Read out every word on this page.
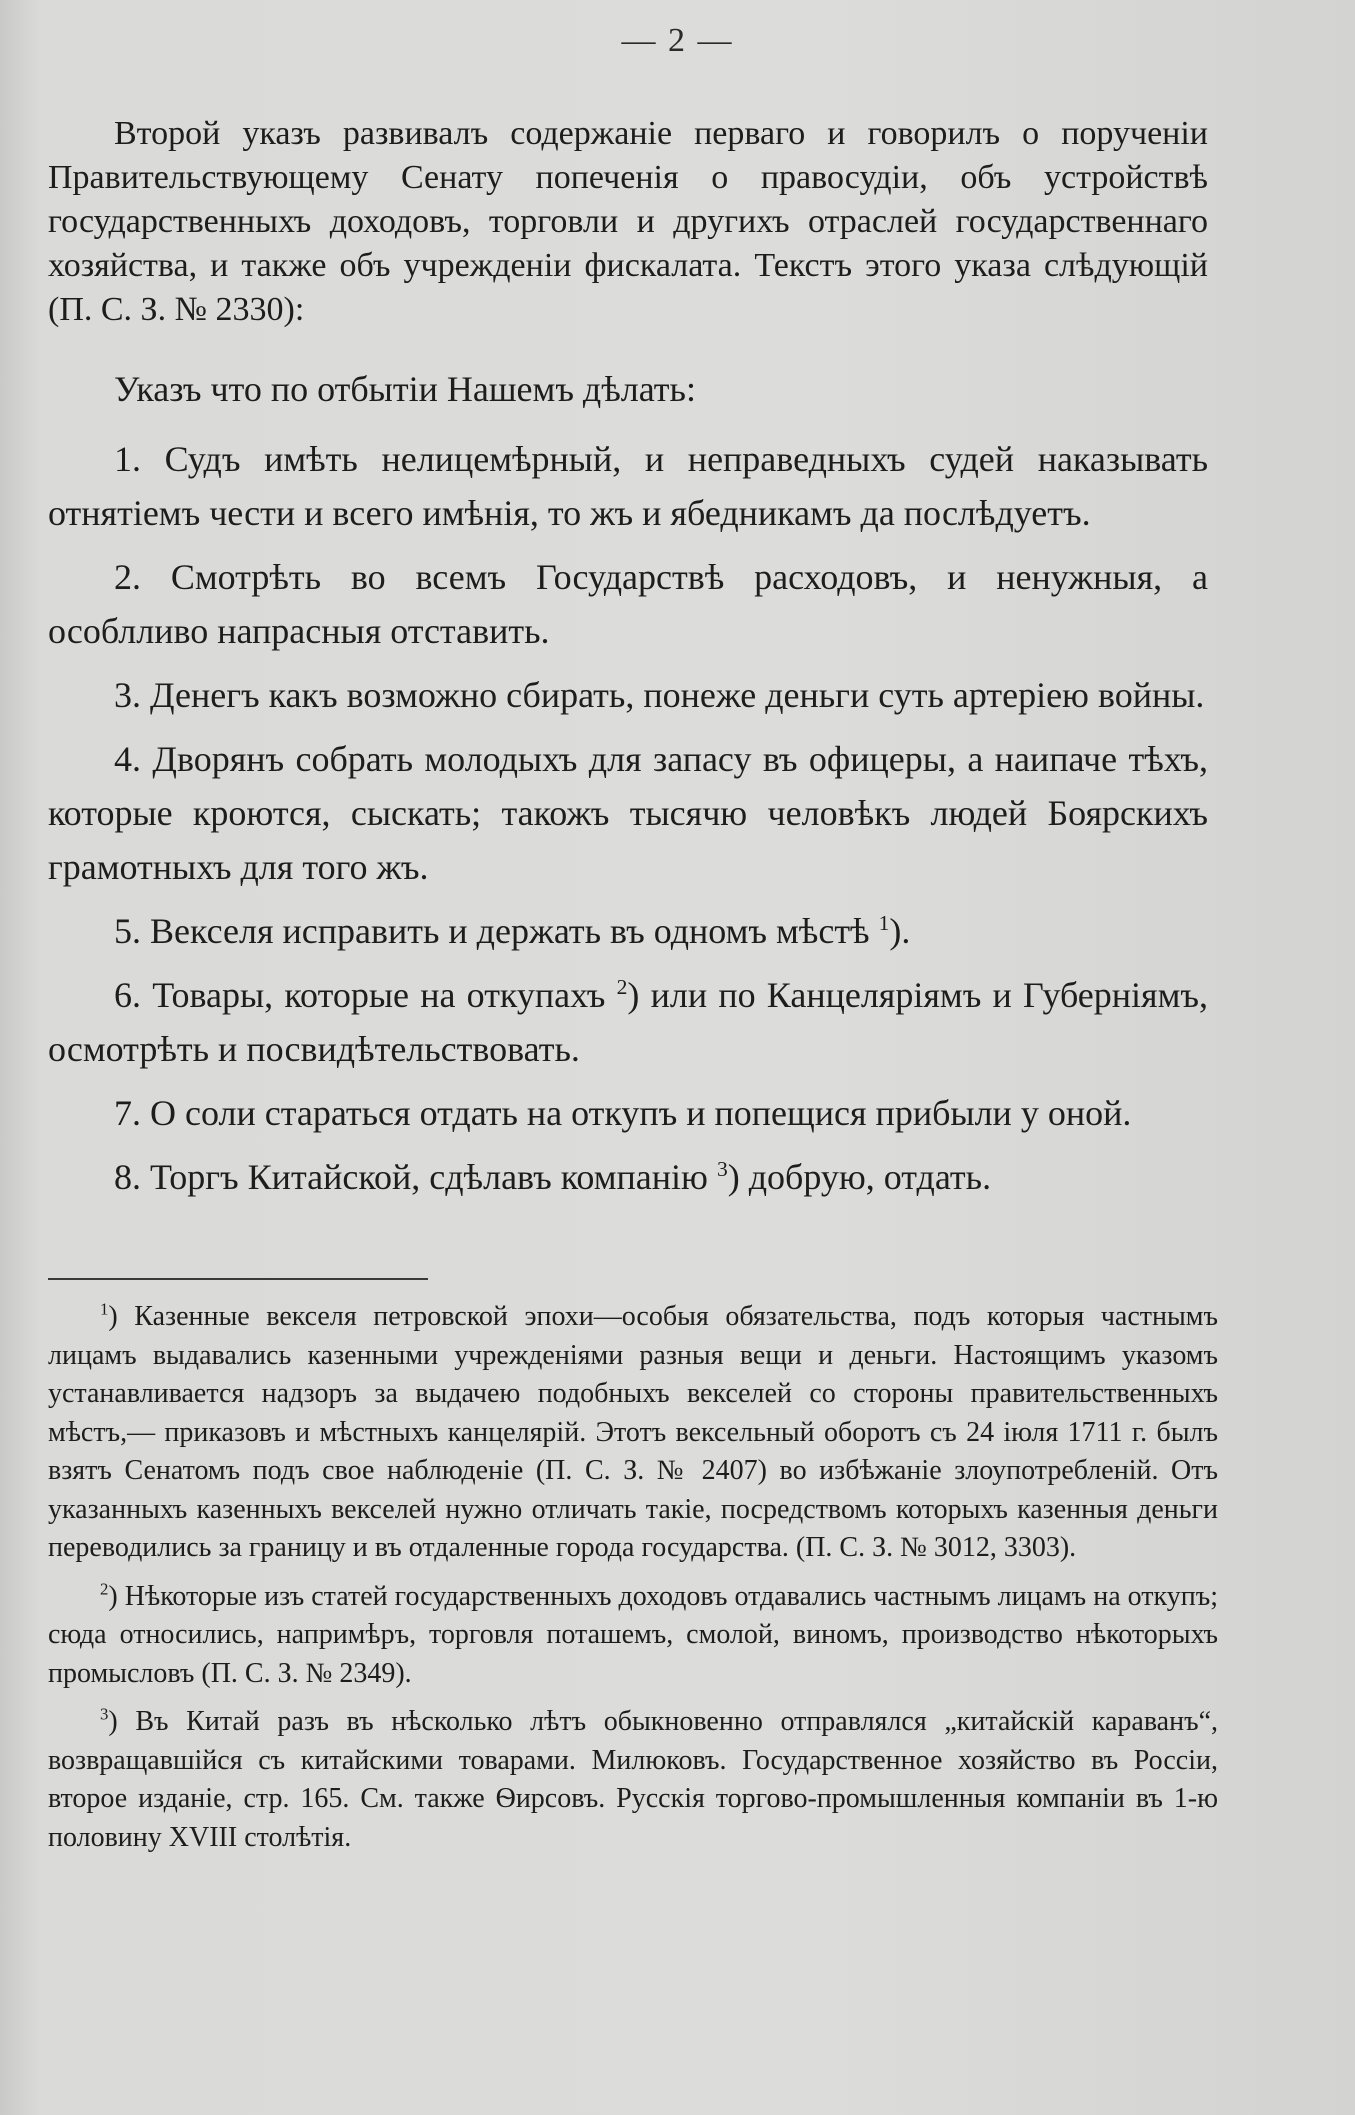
— 2 —

Второй указъ развивалъ содержаніе перваго и говорилъ о порученіи Правительствующему Сенату попеченія о правосудіи, объ устройствѣ государственныхъ доходовъ, торговли и другихъ отраслей государственнаго хозяйства, и также объ учрежденіи фискалата. Текстъ этого указа слѣдующій (П. С. З. № 2330):

Указъ что по отбытіи Нашемъ дѣлать:

1. Судъ имѣть нелицемѣрный, и неправедныхъ судей наказывать отнятіемъ чести и всего имѣнія, то жъ и ябедникамъ да послѣдуетъ.

2. Смотрѣть во всемъ Государствѣ расходовъ, и ненужныя, а особлливо напрасныя отставить.

3. Денегъ какъ возможно сбирать, понеже деньги суть артеріею войны.

4. Дворянъ собрать молодыхъ для запасу въ офицеры, а наипаче тѣхъ, которые кроются, сыскать; такожъ тысячю человѣкъ людей Боярскихъ грамотныхъ для того жъ.

5. Векселя исправить и держать въ одномъ мѣстѣ $^1$).

6. Товары, которые на откупахъ $^2$) или по Канцеляріямъ и Губерніямъ, осмотрѣть и посвидѣтельствовать.

7. О соли стараться отдать на откупъ и попещися прибыли у оной.

8. Торгъ Китайской, сдѣлавъ компанію $^3$) добрую, отдать.

$^1$) Казенные векселя петровской эпохи—особыя обязательства, подъ которыя частнымъ лицамъ выдавались казенными учрежденіями разныя вещи и деньги. Настоящимъ указомъ устанавливается надзоръ за выдачею подобныхъ векселей со стороны правительственныхъ мѣстъ,— приказовъ и мѣстныхъ канцелярій. Этотъ вексельный оборотъ съ 24 іюля 1711 г. былъ взятъ Сенатомъ подъ свое наблюденіе (П. С. З. № 2407) во избѣжаніе злоупотребленій. Отъ указанныхъ казенныхъ векселей нужно отличать такіе, посредствомъ которыхъ казенныя деньги переводились за границу и въ отдаленные города государства. (П. С. З. № 3012, 3303).

$^2$) Нѣкоторые изъ статей государственныхъ доходовъ отдавались частнымъ лицамъ на откупъ; сюда относились, напримѣръ, торговля поташемъ, смолой, виномъ, производство нѣкоторыхъ промысловъ (П. С. З. № 2349).

$^3$) Въ Китай разъ въ нѣсколько лѣтъ обыкновенно отправлялся „китайскій караванъ“, возвращавшійся съ китайскими товарами. Милюковъ. Государственное хозяйство въ Россіи, второе изданіе, стр. 165. См. также Ѳирсовъ. Русскія торгово-промышленныя компаніи въ 1-ю половину XVIII столѣтія.
